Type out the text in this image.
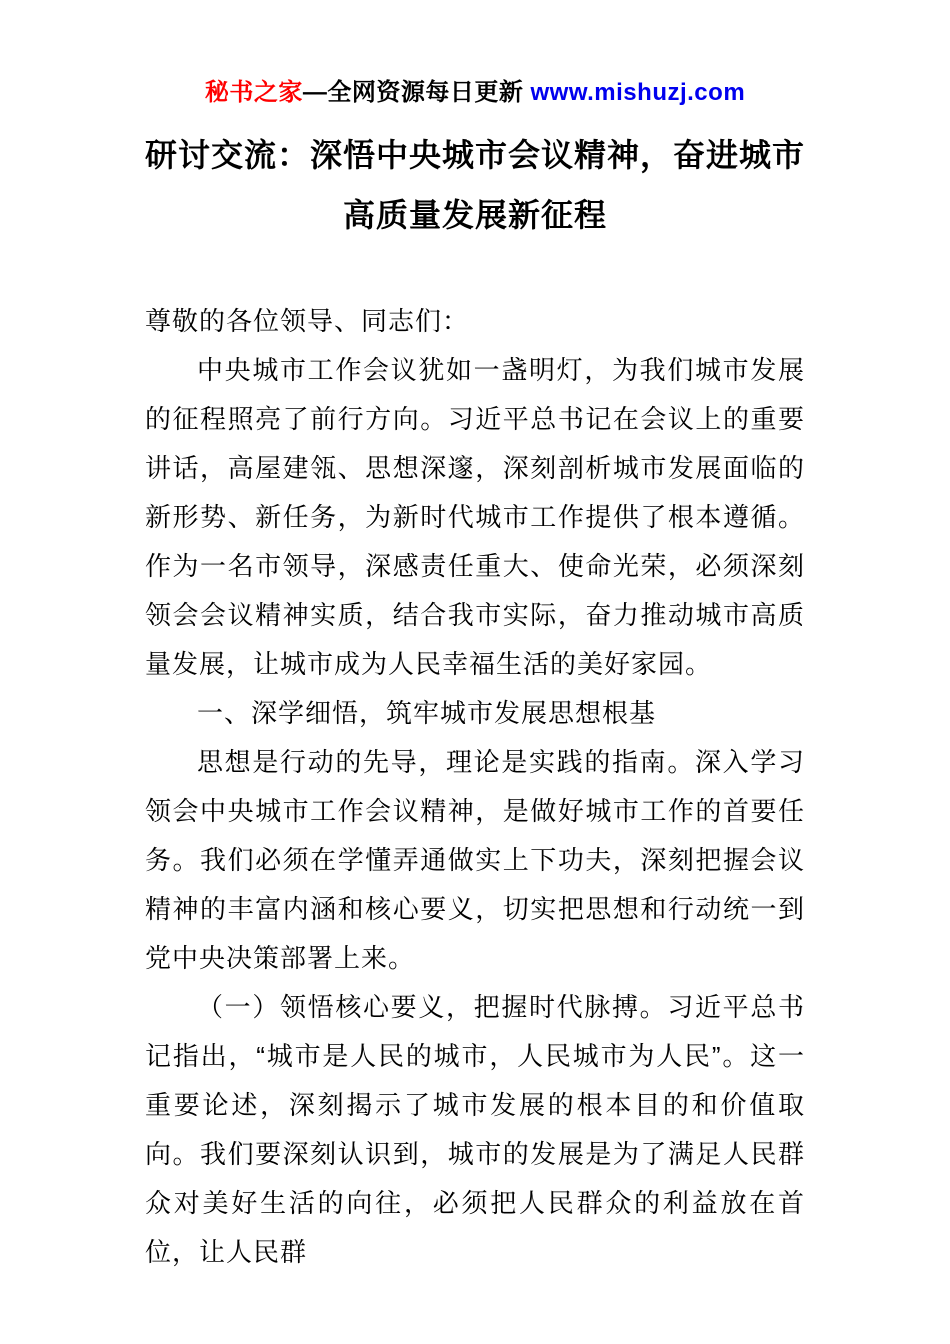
秘书之家—全网资源每日更新 www.mishuzj.com
研讨交流：深悟中央城市会议精神，奋进城市高质量发展新征程

尊敬的各位领导、同志们：

中央城市工作会议犹如一盏明灯，为我们城市发展的征程照亮了前行方向。习近平总书记在会议上的重要讲话，高屋建瓴、思想深邃，深刻剖析城市发展面临的新形势、新任务，为新时代城市工作提供了根本遵循。作为一名市领导，深感责任重大、使命光荣，必须深刻领会会议精神实质，结合我市实际，奋力推动城市高质量发展，让城市成为人民幸福生活的美好家园。

一、深学细悟，筑牢城市发展思想根基

思想是行动的先导，理论是实践的指南。深入学习领会中央城市工作会议精神，是做好城市工作的首要任务。我们必须在学懂弄通做实上下功夫，深刻把握会议精神的丰富内涵和核心要义，切实把思想和行动统一到党中央决策部署上来。

（一）领悟核心要义，把握时代脉搏。习近平总书记指出，“城市是人民的城市，人民城市为人民”。这一重要论述，深刻揭示了城市发展的根本目的和价值取向。我们要深刻认识到，城市的发展是为了满足人民群众对美好生活的向往，必须把人民群众的利益放在首位，让人民群
